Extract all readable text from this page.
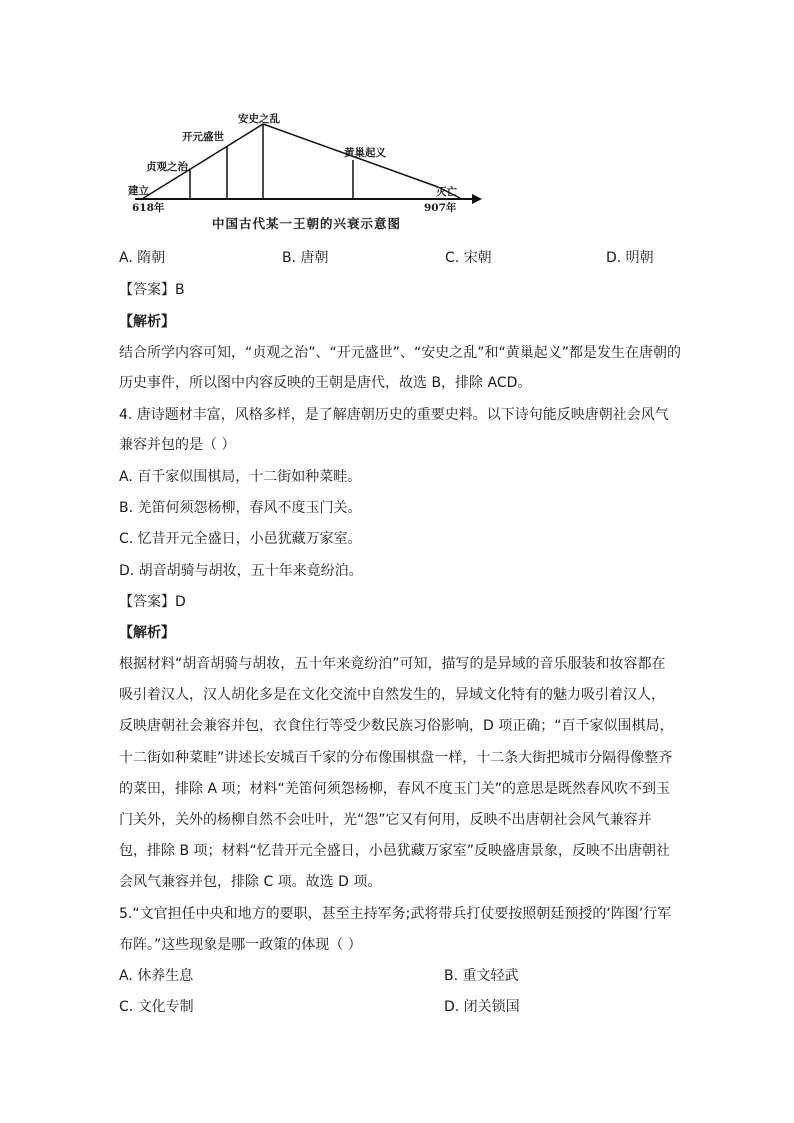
安史之乱
开元盛世
贞观之治
建立
黄巢起义
灭亡
618年	907年
中国古代某一王朝的兴衰示意图
A. 隋朝	B. 唐朝	C. 宋朝	D. 明朝
【答案】B
【解析】
结合所学内容可知，“贞观之治”、“开元盛世”、“安史之乱”和“黄巢起义”都是发生在唐朝的
历史事件，所以图中内容反映的王朝是唐代，故选 B，排除 ACD。
4. 唐诗题材丰富，风格多样，是了解唐朝历史的重要史料。以下诗句能反映唐朝社会风气
兼容并包的是（ ）
A. 百千家似围棋局，十二街如种菜畦。
B. 羌笛何须怨杨柳，春风不度玉门关。
C. 忆昔开元全盛日，小邑犹藏万家室。
D. 胡音胡骑与胡妆，五十年来竟纷泊。
【答案】D
【解析】
根据材料“胡音胡骑与胡妆，五十年来竟纷泊”可知，描写的是异域的音乐服装和妆容都在
吸引着汉人，汉人胡化多是在文化交流中自然发生的，异域文化特有的魅力吸引着汉人，
反映唐朝社会兼容并包，衣食住行等受少数民族习俗影响，D 项正确；“百千家似围棋局，
十二街如种菜畦”讲述长安城百千家的分布像围棋盘一样，十二条大街把城市分隔得像整齐
的菜田，排除 A 项；材料“羌笛何须怨杨柳，春风不度玉门关”的意思是既然春风吹不到玉
门关外，关外的杨柳自然不会吐叶，光“怨”它又有何用，反映不出唐朝社会风气兼容并
包，排除 B 项；材料“忆昔开元全盛日，小邑犹藏万家室”反映盛唐景象，反映不出唐朝社
会风气兼容并包，排除 C 项。故选 D 项。
5.“文官担任中央和地方的要职，甚至主持军务;武将带兵打仗要按照朝廷预授的‘阵图’行军
布阵。”这些现象是哪一政策的体现（ ）
A. 休养生息	B. 重文轻武
C. 文化专制	D. 闭关锁国
